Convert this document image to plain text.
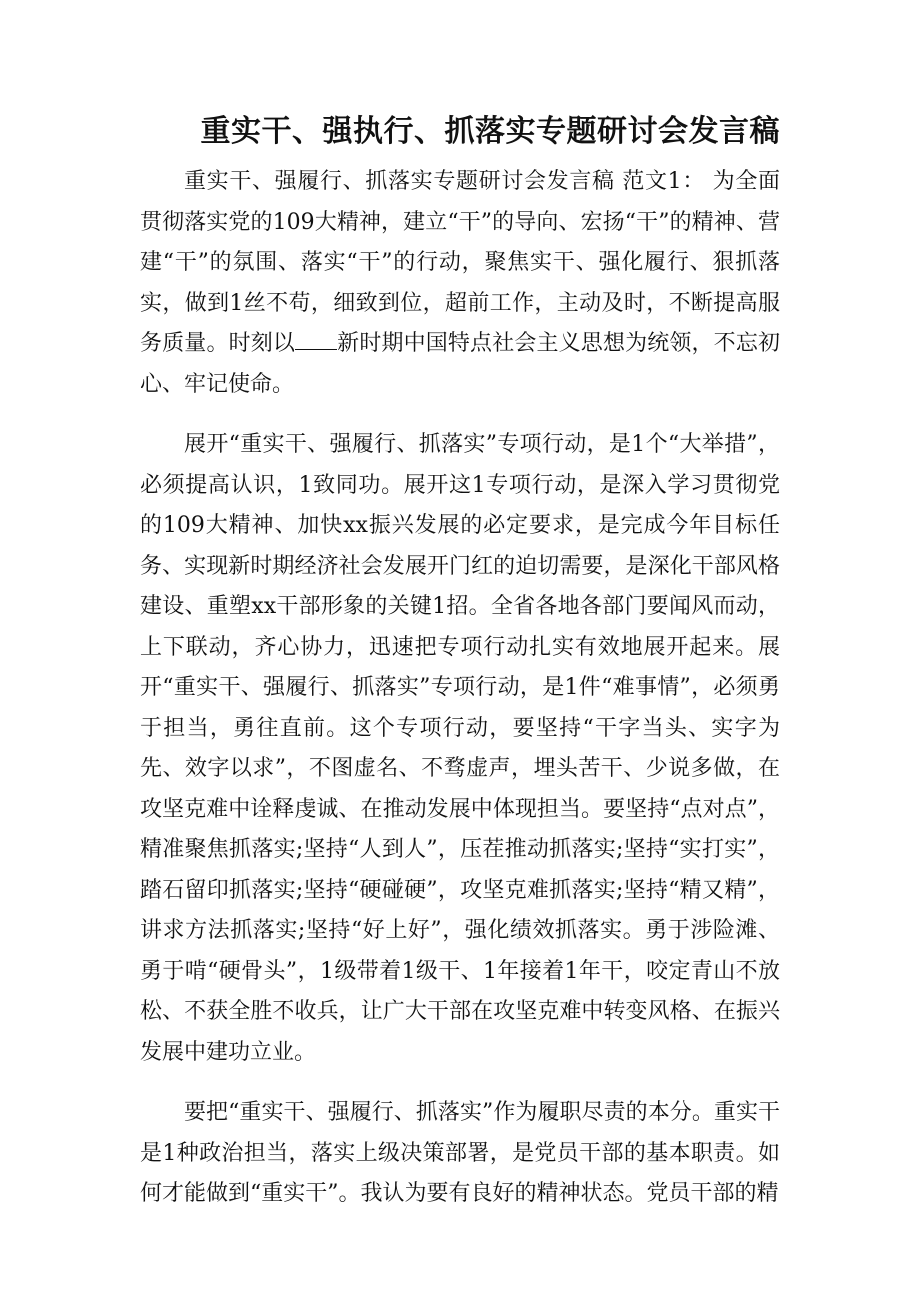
重实干、强执行、抓落实专题研讨会发言稿

重实干、强履行、抓落实专题研讨会发言稿 范文1： 为全面贯彻落实党的109大精神，建立“干”的导向、宏扬“干”的精神、营建“干”的氛围、落实“干”的行动，聚焦实干、强化履行、狠抓落实，做到1丝不苟，细致到位，超前工作，主动及时，不断提高服务质量。时刻以 新时期中国特点社会主义思想为统领，不忘初心、牢记使命。

展开“重实干、强履行、抓落实”专项行动，是1个“大举措”，必须提高认识，1致同功。展开这1专项行动，是深入学习贯彻党的109大精神、加快xx振兴发展的必定要求，是完成今年目标任务、实现新时期经济社会发展开门红的迫切需要，是深化干部风格建设、重塑xx干部形象的关键1招。全省各地各部门要闻风而动，上下联动，齐心协力，迅速把专项行动扎实有效地展开起来。展开“重实干、强履行、抓落实”专项行动，是1件“难事情”，必须勇于担当，勇往直前。这个专项行动，要坚持“干字当头、实字为先、效字以求”，不图虚名、不骛虚声，埋头苦干、少说多做，在攻坚克难中诠释虔诚、在推动发展中体现担当。要坚持“点对点”，精准聚焦抓落实;坚持“人到人”，压茬推动抓落实;坚持“实打实”，踏石留印抓落实;坚持“硬碰硬”，攻坚克难抓落实;坚持“精又精”，讲求方法抓落实;坚持“好上好”，强化绩效抓落实。勇于涉险滩、勇于啃“硬骨头”，1级带着1级干、1年接着1年干，咬定青山不放松、不获全胜不收兵，让广大干部在攻坚克难中转变风格、在振兴发展中建功立业。

要把“重实干、强履行、抓落实”作为履职尽责的本分。重实干是1种政治担当，落实上级决策部署，是党员干部的基本职责。如何才能做到“重实干”。我认为要有良好的精神状态。党员干部的精
